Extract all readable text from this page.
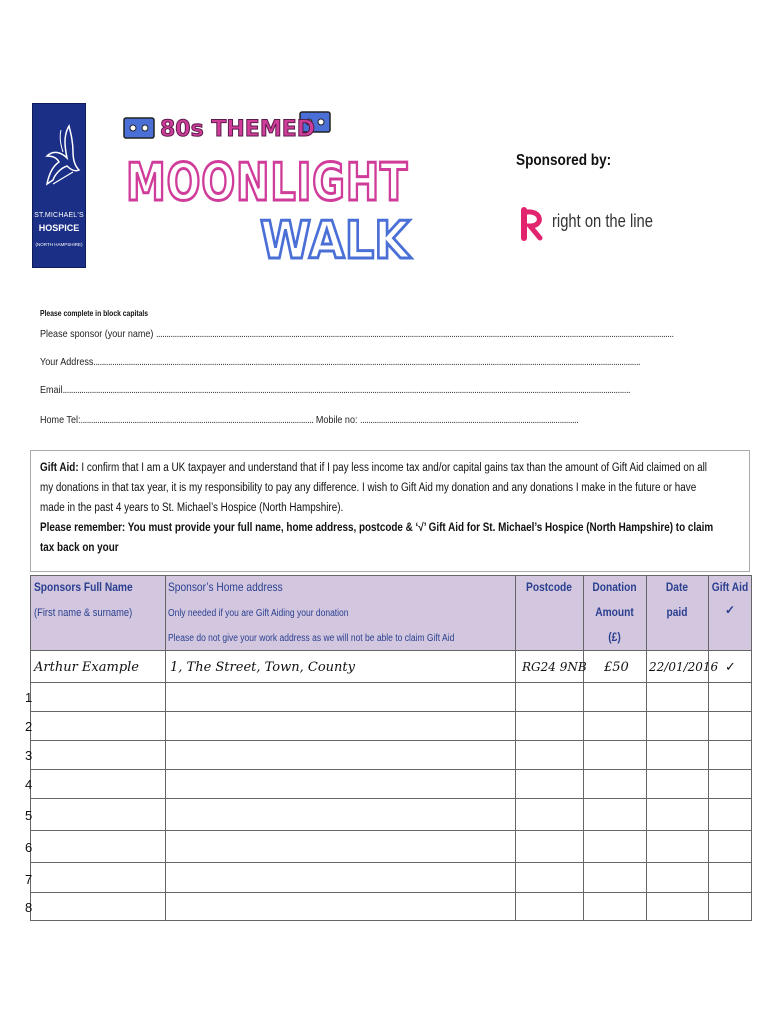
ST.MICHAEL'S
HOSPICE
(NORTH HAMPSHIRE)
80s THEMED
MOONLIGHT
WALK
Sponsored by:
right on the line
Please complete in block capitals
Please sponsor (your name) .........................................................................................................................................................................................................................................................
Your Address.......................................................................................................................................................................................................................................................................
Email.................................................................................................................................................................................................................................................................................
Home Tel:................................................................................................................ Mobile no: .........................................................................................................
Gift Aid: I confirm that I am a UK taxpayer and understand that if I pay less income tax and/or capital gains tax than the amount of Gift Aid claimed on all my donations in that tax year, it is my responsibility to pay any difference. I wish to Gift Aid my donation and any donations I make in the future or have made in the past 4 years to St. Michael’s Hospice (North Hampshire).
Please remember: You must provide your full name, home address, postcode & ‘√’ Gift Aid for St. Michael’s Hospice (North Hampshire) to claim tax back on your
Sponsors Full Name
(First name & surname)
Sponsor’s Home address
Only needed if you are Gift Aiding your donation
Please do not give your work address as we will not be able to claim Gift Aid
Postcode	Donation
Amount
(£)
Date
paid
Gift Aid
✓
Arthur Example 1, The Street, Town, County	RG24 9NB £50 22/01/2016 ✓
1
2
3
4
5
6
7
8
